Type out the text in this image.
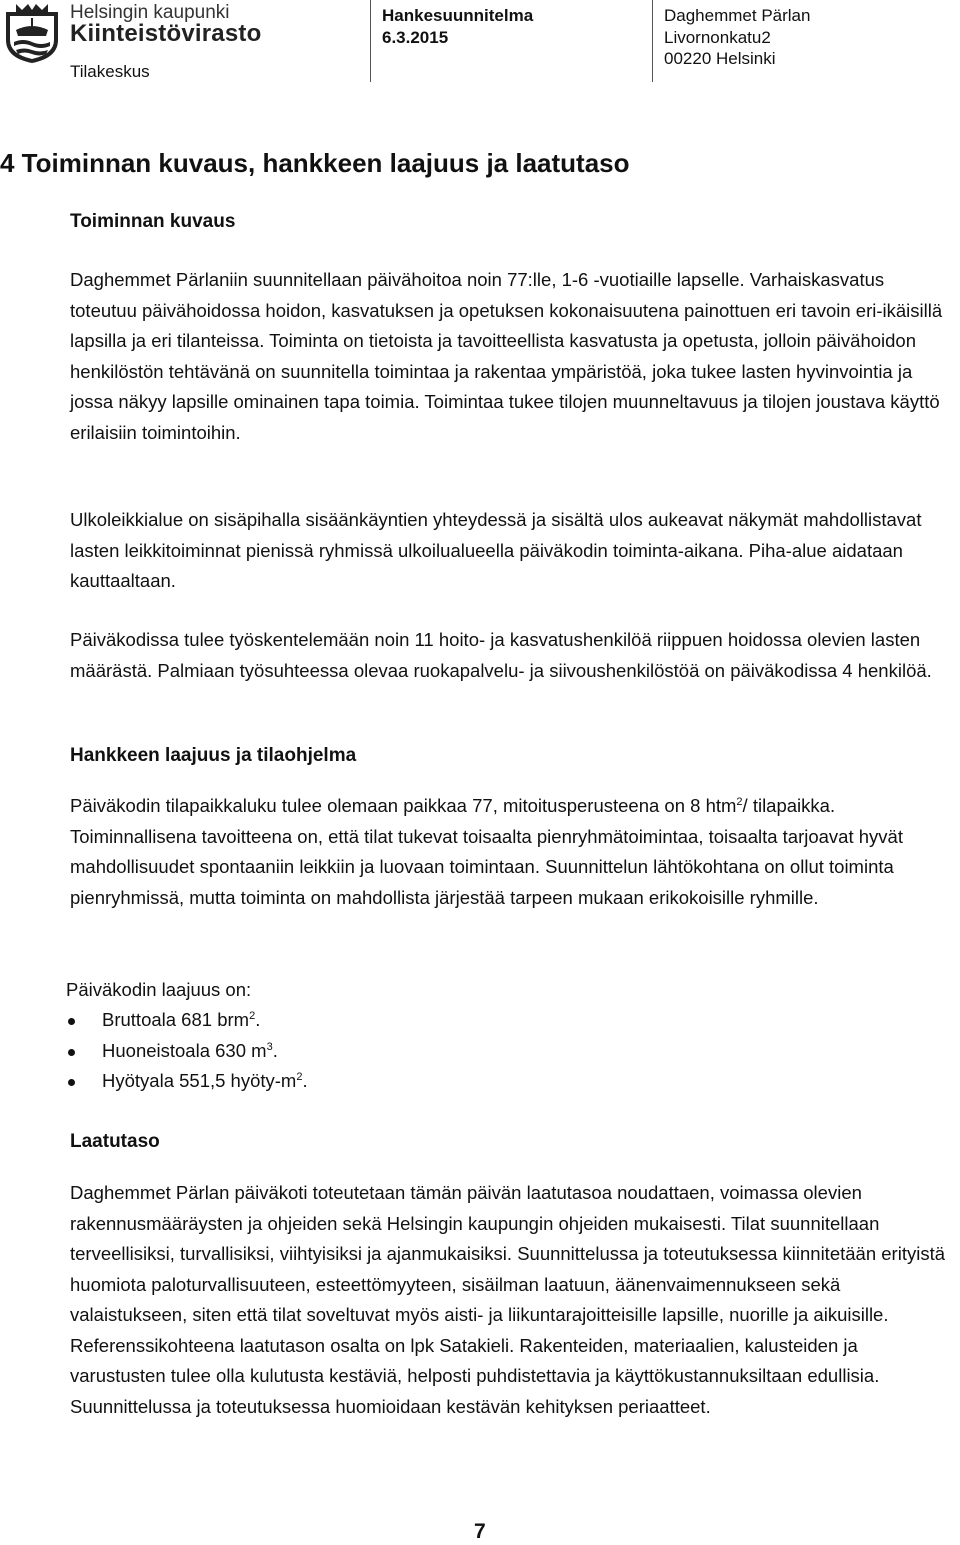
Helsingin kaupunki
Kiinteistövirasto
Tilakeskus
Hankesuunnitelma
6.3.2015
Daghemmet Pärlan
Livornonkatu2
00220 Helsinki
4 Toiminnan kuvaus, hankkeen laajuus ja laatutaso
Toiminnan kuvaus

Daghemmet Pärlaniin suunnitellaan päivähoitoa noin 77:lle, 1-6 -vuotiaille lapselle. Varhaiskasvatus toteutuu päivähoidossa hoidon, kasvatuksen ja opetuksen kokonaisuutena painottuen eri tavoin eri-ikäisillä lapsilla ja eri tilanteissa. Toiminta on tietoista ja tavoitteellista kasvatusta ja opetusta, jolloin päivähoidon henkilöstön tehtävänä on suunnitella toimintaa ja rakentaa ympäristöä, joka tukee lasten hyvinvointia ja jossa näkyy lapsille ominainen tapa toimia. Toimintaa tukee tilojen muunneltavuus ja tilojen joustava käyttö erilaisiin toimintoihin.

Ulkoleikkialue on sisäpihalla sisäänkäyntien yhteydessä ja sisältä ulos aukeavat näkymät mahdollistavat lasten leikkitoiminnat pienissä ryhmissä ulkoilualueella päiväkodin toiminta-aikana. Piha-alue aidataan kauttaaltaan.

Päiväkodissa tulee työskentelemään noin 11 hoito- ja kasvatushenkilöä riippuen hoidossa olevien lasten määrästä. Palmiaan työsuhteessa olevaa ruokapalvelu- ja siivoushenkilöstöä on päiväkodissa 4 henkilöä.

Hankkeen laajuus ja tilaohjelma

Päiväkodin tilapaikkaluku tulee olemaan paikkaa 77, mitoitusperusteena on 8 htm$^2$/ tilapaikka. Toiminnallisena tavoitteena on, että tilat tukevat toisaalta pienryhmätoimintaa, toisaalta tarjoavat hyvät mahdollisuudet spontaaniin leikkiin ja luovaan toimintaan. Suunnittelun lähtökohtana on ollut toiminta pienryhmissä, mutta toiminta on mahdollista järjestää tarpeen mukaan erikokoisille ryhmille.

Päiväkodin laajuus on:

Bruttoala 681 brm$^2$.
Huoneistoala 630 $m^3$.
Hyötyala 551,5 hyöty-$m^2$.
Laatutaso

Daghemmet Pärlan päiväkoti toteutetaan tämän päivän laatutasoa noudattaen, voimassa olevien rakennusmääräysten ja ohjeiden sekä Helsingin kaupungin ohjeiden mukaisesti. Tilat suunnitellaan terveellisiksi, turvallisiksi, viihtyisiksi ja ajanmukaisiksi. Suunnittelussa ja toteutuksessa kiinnitetään erityistä huomiota paloturvallisuuteen, esteettömyyteen, sisäilman laatuun, äänenvaimennukseen sekä valaistukseen, siten että tilat soveltuvat myös aisti- ja liikuntarajoitteisille lapsille, nuorille ja aikuisille. Referenssikohteena laatutason osalta on lpk Satakieli. Rakenteiden, materiaalien, kalusteiden ja varustusten tulee olla kulutusta kestäviä, helposti puhdistettavia ja käyttökustannuksiltaan edullisia. Suunnittelussa ja toteutuksessa huomioidaan kestävän kehityksen periaatteet.

7
